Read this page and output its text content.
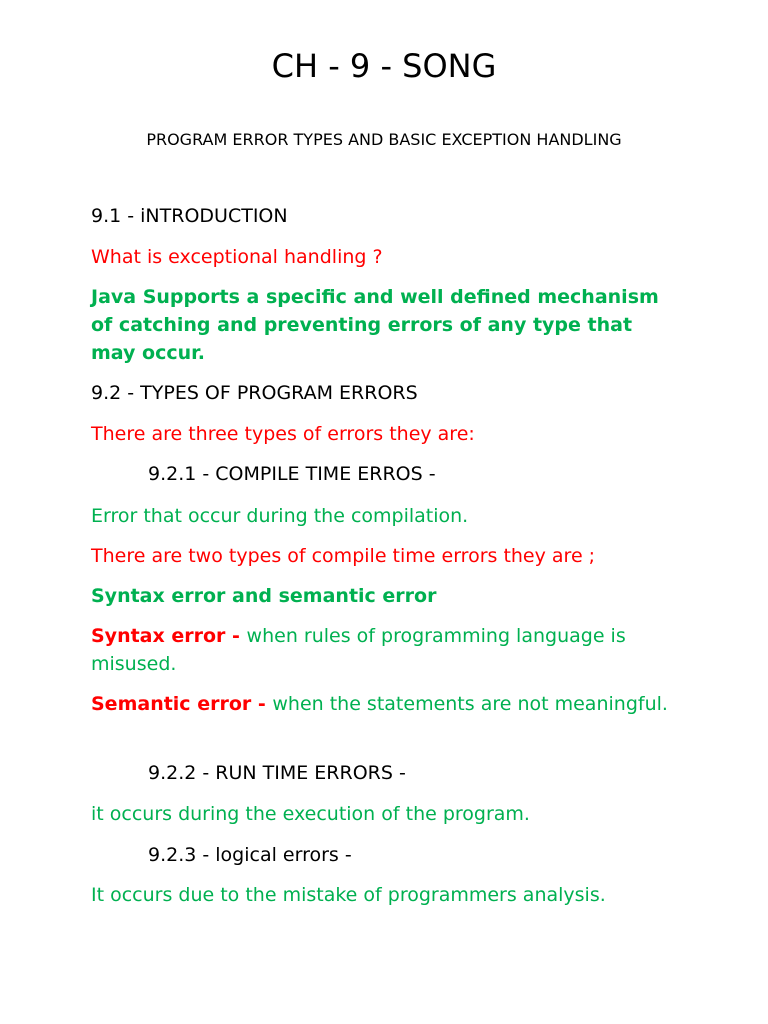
CH - 9 - SONG

PROGRAM ERROR TYPES AND BASIC EXCEPTION HANDLING

9.1 - iNTRODUCTION

What is exceptional handling ?

Java Supports a specific and well defined mechanism of catching and preventing errors of any type that may occur.

9.2 - TYPES OF PROGRAM ERRORS

There are three types of errors they are:

9.2.1 - COMPILE TIME ERROS -

Error that occur during the compilation.

There are two types of compile time errors they are ;

Syntax error and semantic error

Syntax error - when rules of programming language is misused.

Semantic error - when the statements are not meaningful.

9.2.2 - RUN TIME ERRORS -

it occurs during the execution of the program.

9.2.3 - logical errors -

It occurs due to the mistake of programmers analysis.
